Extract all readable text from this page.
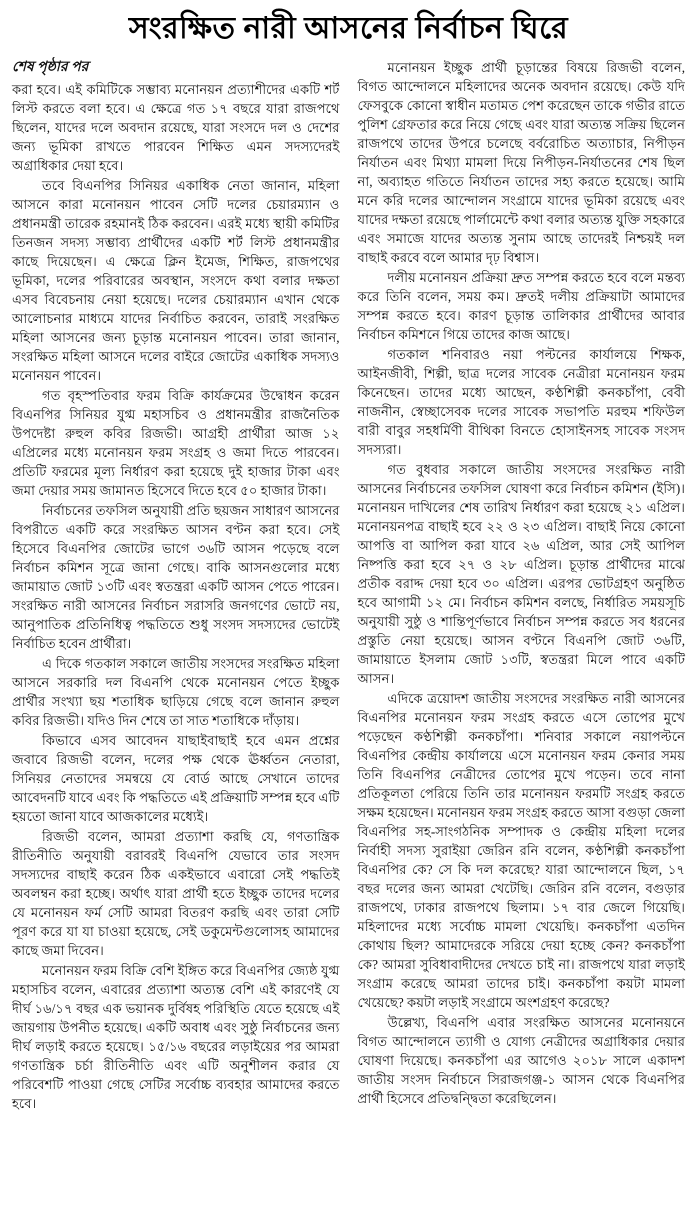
সংরক্ষিত নারী আসনের নির্বাচন ঘিরে

শেষ পৃষ্ঠার পর

করা হবে। এই কমিটিকে সম্ভাব্য মনোনয়ন প্রত্যাশীদের একটি শর্ট লিস্ট করতে বলা হবে। এ ক্ষেত্রে গত ১৭ বছরে যারা রাজপথে ছিলেন, যাদের দলে অবদান রয়েছে, যারা সংসদে দল ও দেশের জন্য ভূমিকা রাখতে পারবেন শিক্ষিত এমন সদস্যদেরই অগ্রাধিকার দেয়া হবে।

তবে বিএনপির সিনিয়র একাধিক নেতা জানান, মহিলা আসনে কারা মনোনয়ন পাবেন সেটি দলের চেয়ারম্যান ও প্রধানমন্ত্রী তারেক রহমানই ঠিক করবেন। এরই মধ্যে স্থায়ী কমিটির তিনজন সদস্য সম্ভাব্য প্রার্থীদের একটি শর্ট লিস্ট প্রধানমন্ত্রীর কাছে দিয়েছেন। এ ক্ষেত্রে ক্লিন ইমেজ, শিক্ষিত, রাজপথের ভূমিকা, দলের পরিবারের অবস্থান, সংসদে কথা বলার দক্ষতা এসব বিবেচনায় নেয়া হয়েছে। দলের চেয়ারম্যান এখান থেকে আলোচনার মাধ্যমে যাদের নির্বাচিত করবেন, তারাই সংরক্ষিত মহিলা আসনের জন্য চূড়ান্ত মনোনয়ন পাবেন। তারা জানান, সংরক্ষিত মহিলা আসনে দলের বাইরে জোটের একাধিক সদস্যও মনোনয়ন পাবেন।

গত বৃহস্পতিবার ফরম বিক্রি কার্যক্রমের উদ্বোধন করেন বিএনপির সিনিয়র যুগ্ম মহাসচিব ও প্রধানমন্ত্রীর রাজনৈতিক উপদেষ্টা রুহুল কবির রিজভী। আগ্রহী প্রার্থীরা আজ ১২ এপ্রিলের মধ্যে মনোনয়ন ফরম সংগ্রহ ও জমা দিতে পারবেন। প্রতিটি ফরমের মূল্য নির্ধারণ করা হয়েছে দুই হাজার টাকা এবং জমা দেয়ার সময় জামানত হিসেবে দিতে হবে ৫০ হাজার টাকা।

নির্বাচনের তফসিল অনুযায়ী প্রতি ছয়জন সাধারণ আসনের বিপরীতে একটি করে সংরক্ষিত আসন বণ্টন করা হবে। সেই হিসেবে বিএনপির জোটের ভাগে ৩৬টি আসন পড়েছে বলে নির্বাচন কমিশন সূত্রে জানা গেছে। বাকি আসনগুলোর মধ্যে জামায়াত জোট ১৩টি এবং স্বতন্ত্ররা একটি আসন পেতে পারেন। সংরক্ষিত নারী আসনের নির্বাচন সরাসরি জনগণের ভোটে নয়, আনুপাতিক প্রতিনিধিত্ব পদ্ধতিতে শুধু সংসদ সদস্যদের ভোটেই নির্বাচিত হবেন প্রার্থীরা।

এ দিকে গতকাল সকালে জাতীয় সংসদের সংরক্ষিত মহিলা আসনে সরকারি দল বিএনপি থেকে মনোনয়ন পেতে ইচ্ছুক প্রার্থীর সংখ্যা ছয় শতাধিক ছাড়িয়ে গেছে বলে জানান রুহুল কবির রিজভী। যদিও দিন শেষে তা সাত শতাধিকে দাঁড়ায়।

কিভাবে এসব আবেদন যাছাইবাছাই হবে এমন প্রশ্নের জবাবে রিজভী বলেন, দলের পক্ষ থেকে ঊর্ধ্বতন নেতারা, সিনিয়র নেতাদের সমন্বয়ে যে বোর্ড আছে সেখানে তাদের আবেদনটি যাবে এবং কি পদ্ধতিতে এই প্রক্রিয়াটি সম্পন্ন হবে এটি হয়তো জানা যাবে আজকালের মধ্যেই।

রিজভী বলেন, আমরা প্রত্যাশা করছি যে, গণতান্ত্রিক রীতিনীতি অনুযায়ী বরাবরই বিএনপি যেভাবে তার সংসদ সদস্যদের বাছাই করেন ঠিক একইভাবে এবারো সেই পদ্ধতিই অবলম্বন করা হচ্ছে। অর্থাৎ যারা প্রার্থী হতে ইচ্ছুক তাদের দলের যে মনোনয়ন ফর্ম সেটি আমরা বিতরণ করছি এবং তারা সেটি পূরণ করে যা যা চাওয়া হয়েছে, সেই ডকুমেন্টগুলোসহ আমাদের কাছে জমা দিবেন।

মনোনয়ন ফরম বিক্রি বেশি ইঙ্গিত করে বিএনপির জ্যেষ্ঠ যুগ্ম মহাসচিব বলেন, এবারের প্রত্যাশা অত্যন্ত বেশি এই কারণেই যে দীর্ঘ ১৬/১৭ বছর এক ভয়ানক দুর্বিষহ পরিস্থিতি যেতে হয়েছে এই জায়গায় উপনীত হয়েছে। একটি অবাধ এবং সুষ্ঠু নির্বাচনের জন্য দীর্ঘ লড়াই করতে হয়েছে। ১৫/১৬ বছরের লড়াইয়ের পর আমরা গণতান্ত্রিক চর্চা রীতিনীতি এবং এটি অনুশীলন করার যে পরিবেশটি পাওয়া গেছে সেটির সর্বোচ্চ ব্যবহার আমাদের করতে হবে।

মনোনয়ন ইচ্ছুক প্রার্থী চূড়ান্তের বিষয়ে রিজভী বলেন, বিগত আন্দোলনে মহিলাদের অনেক অবদান রয়েছে। কেউ যদি ফেসবুকে কোনো স্বাধীন মতামত পেশ করেছেন তাকে গভীর রাতে পুলিশ গ্রেফতার করে নিয়ে গেছে এবং যারা অত্যন্ত সক্রিয় ছিলেন রাজপথে তাদের উপরে চলেছে বর্বরোচিত অত্যাচার, নিপীড়ন নির্যাতন এবং মিথ্যা মামলা দিয়ে নিপীড়ন-নির্যাতনের শেষ ছিল না, অব্যাহত গতিতে নির্যাতন তাদের সহ্য করতে হয়েছে। আমি মনে করি দলের আন্দোলন সংগ্রামে যাদের ভূমিকা রয়েছে এবং যাদের দক্ষতা রয়েছে পার্লামেন্টে কথা বলার অত্যন্ত যুক্তি সহকারে এবং সমাজে যাদের অত্যন্ত সুনাম আছে তাদেরই নিশ্চয়ই দল বাছাই করবে বলে আমার দৃঢ় বিশ্বাস।

দলীয় মনোনয়ন প্রক্রিয়া দ্রুত সম্পন্ন করতে হবে বলে মন্তব্য করে তিনি বলেন, সময় কম। দ্রুতই দলীয় প্রক্রিয়াটা আমাদের সম্পন্ন করতে হবে। কারণ চূড়ান্ত তালিকার প্রার্থীদের আবার নির্বাচন কমিশনে গিয়ে তাদের কাজ আছে।

গতকাল শনিবারও নয়া পল্টনের কার্যালয়ে শিক্ষক, আইনজীবী, শিল্পী, ছাত্র দলের সাবেক নেত্রীরা মনোনয়ন ফরম কিনেছেন। তাদের মধ্যে আছেন, কণ্ঠশিল্পী কনকচাঁপা, বেবী নাজনীন, স্বেচ্ছাসেবক দলের সাবেক সভাপতি মরহুম শফিউল বারী বাবুর সহধর্মিণী বীথিকা বিনতে হোসাইনসহ সাবেক সংসদ সদস্যরা।

গত বুধবার সকালে জাতীয় সংসদের সংরক্ষিত নারী আসনের নির্বাচনের তফসিল ঘোষণা করে নির্বাচন কমিশন (ইসি)। মনোনয়ন দাখিলের শেষ তারিখ নির্ধারণ করা হয়েছে ২১ এপ্রিল। মনোনয়নপত্র বাছাই হবে ২২ ও ২৩ এপ্রিল। বাছাই নিয়ে কোনো আপত্তি বা আপিল করা যাবে ২৬ এপ্রিল, আর সেই আপিল নিষ্পত্তি করা হবে ২৭ ও ২৮ এপ্রিল। চূড়ান্ত প্রার্থীদের মাঝে প্রতীক বরাদ্দ দেয়া হবে ৩০ এপ্রিল। এরপর ভোটগ্রহণ অনুষ্ঠিত হবে আগামী ১২ মে। নির্বাচন কমিশন বলছে, নির্ধারিত সময়সূচি অনুযায়ী সুষ্ঠু ও শান্তিপূর্ণভাবে নির্বাচন সম্পন্ন করতে সব ধরনের প্রস্তুতি নেয়া হয়েছে। আসন বণ্টনে বিএনপি জোট ৩৬টি, জামায়াতে ইসলাম জোট ১৩টি, স্বতন্ত্ররা মিলে পাবে একটি আসন।

এদিকে ত্রয়োদশ জাতীয় সংসদের সংরক্ষিত নারী আসনের বিএনপির মনোনয়ন ফরম সংগ্রহ করতে এসে তোপের মুখে পড়েছেন কণ্ঠশিল্পী কনকচাঁপা। শনিবার সকালে নয়াপল্টনে বিএনপির কেন্দ্রীয় কার্যালয়ে এসে মনোনয়ন ফরম কেনার সময় তিনি বিএনপির নেত্রীদের তোপের মুখে পড়েন। তবে নানা প্রতিকূলতা পেরিয়ে তিনি তার মনোনয়ন ফরমটি সংগ্রহ করতে সক্ষম হয়েছেন। মনোনয়ন ফরম সংগ্রহ করতে আসা বগুড়া জেলা বিএনপির সহ-সাংগঠনিক সম্পাদক ও কেন্দ্রীয় মহিলা দলের নির্বাহী সদস্য সুরাইয়া জেরিন রনি বলেন, কণ্ঠশিল্পী কনকচাঁপা বিএনপির কে? সে কি দল করেছে? যারা আন্দোলনে ছিল, ১৭ বছর দলের জন্য আমরা খেটেছি। জেরিন রনি বলেন, বগুড়ার রাজপথে, ঢাকার রাজপথে ছিলাম। ১৭ বার জেলে গিয়েছি। মহিলাদের মধ্যে সর্বোচ্চ মামলা খেয়েছি। কনকচাঁপা এতদিন কোথায় ছিল? আমাদেরকে সরিয়ে দেয়া হচ্ছে কেন? কনকচাঁপা কে? আমরা সুবিধাবাদীদের দেখতে চাই না। রাজপথে যারা লড়াই সংগ্রাম করেছে আমরা তাদের চাই। কনকচাঁপা কয়টা মামলা খেয়েছে? কয়টা লড়াই সংগ্রামে অংশগ্রহণ করেছে?

উল্লেখ্য, বিএনপি এবার সংরক্ষিত আসনের মনোনয়নে বিগত আন্দোলনে ত্যাগী ও যোগ্য নেত্রীদের অগ্রাধিকার দেয়ার ঘোষণা দিয়েছে। কনকচাঁপা এর আগেও ২০১৮ সালে একাদশ জাতীয় সংসদ নির্বাচনে সিরাজগঞ্জ-১ আসন থেকে বিএনপির প্রার্থী হিসেবে প্রতিদ্বন্দ্বিতা করেছিলেন।
